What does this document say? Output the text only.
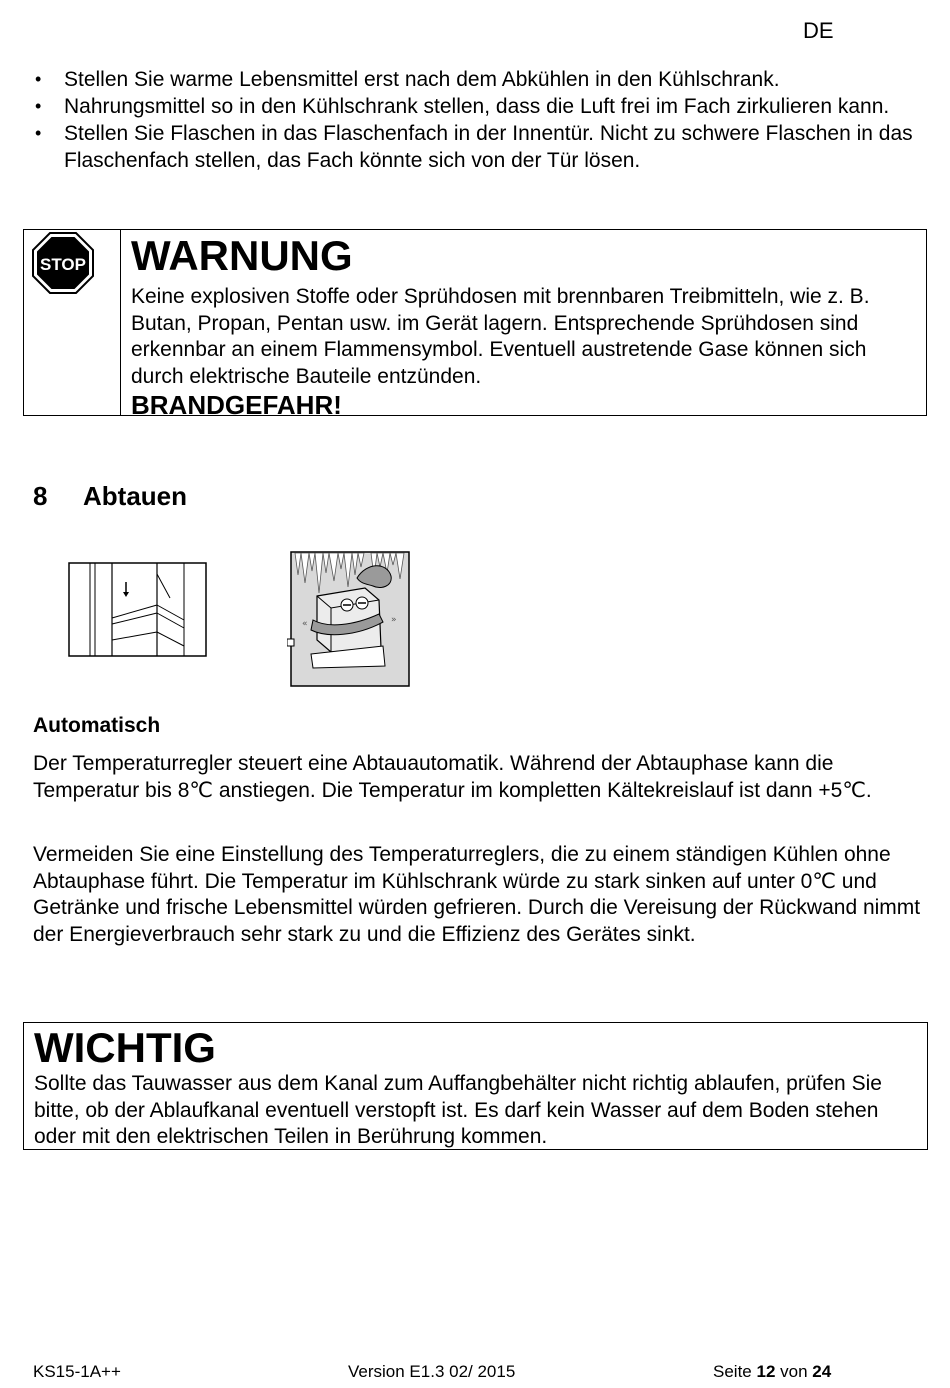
DE
• Stellen Sie warme Lebensmittel erst nach dem Abkühlen in den Kühlschrank.
• Nahrungsmittel so in den Kühlschrank stellen, dass die Luft frei im Fach zirkulieren kann.
• Stellen Sie Flaschen in das Flaschenfach in der Innentür. Nicht zu schwere Flaschen in das Flaschenfach stellen, das Fach könnte sich von der Tür lösen.
STOP WARNUNG
Keine explosiven Stoffe oder Sprühdosen mit brennbaren Treibmitteln, wie z. B. Butan, Propan, Pentan usw. im Gerät lagern. Entsprechende Sprühdosen sind erkennbar an einem Flammensymbol. Eventuell austretende Gase können sich durch elektrische Bauteile entzünden.
BRANDGEFAHR!
8 Abtauen
«	»
Automatisch
Der Temperaturregler steuert eine Abtauautomatik. Während der Abtauphase kann die Temperatur bis 8℃ anstiegen. Die Temperatur im kompletten Kältekreislauf ist dann +5℃.
Vermeiden Sie eine Einstellung des Temperaturreglers, die zu einem ständigen Kühlen ohne Abtauphase führt. Die Temperatur im Kühlschrank würde zu stark sinken auf unter 0℃ und Getränke und frische Lebensmittel würden gefrieren. Durch die Vereisung der Rückwand nimmt der Energieverbrauch sehr stark zu und die Effizienz des Gerätes sinkt.
WICHTIG
Sollte das Tauwasser aus dem Kanal zum Auffangbehälter nicht richtig ablaufen, prüfen Sie bitte, ob der Ablaufkanal eventuell verstopft ist. Es darf kein Wasser auf dem Boden stehen oder mit den elektrischen Teilen in Berührung kommen.
KS15-1A++	Version E1.3 02/ 2015	Seite 12 von 24
